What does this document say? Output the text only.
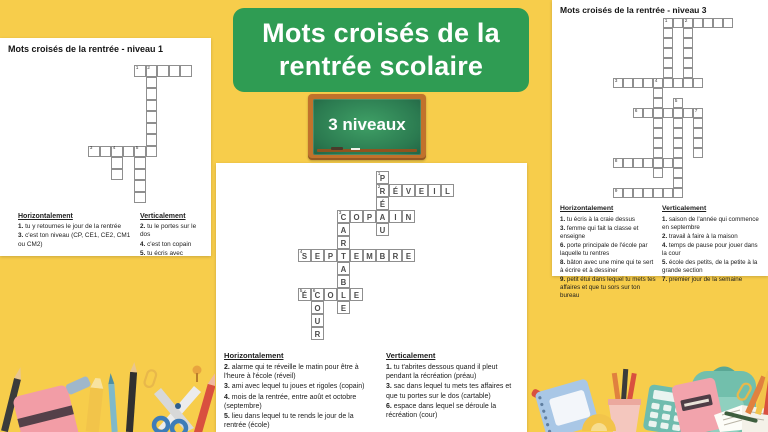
Mots croisés de la rentrée - niveau 1
1 2
3	4	5

Horizontalement

1. tu y retournes le jour de la rentrée

3. c'est ton niveau (CP, CE1, CE2, CM1 ou CM2)

Verticalement

2. tu le portes sur le dos

4. c'est ton copain

5. tu écris avec

1 P
2 R É V E	I	L
É
3 C O P A	I	N
A	U
R
4 S E P	T	E M B R E
A
B
5 É	6 C O L	E
O	E
U
R

Horizontalement

2. alarme qui te réveille le matin pour être à l'heure à l'école (réveil)

3. ami avec lequel tu joues et rigoles (copain)

4. mois de la rentrée, entre août et octobre (septembre)

5. lieu dans lequel tu te rends le jour de la rentrée (école)

Verticalement

1. tu t'abrites dessous quand il pleut pendant la récréation (préau)

3. sac dans lequel tu mets tes affaires et que tu portes sur le dos (cartable)

6. espace dans lequel se déroule la récréation (cour)

Mots croisés de la rentrée - niveau 3
1	2
3	4
5
6	7
8
9

Horizontalement

1. tu écris à la craie dessus

3. femme qui fait la classe et enseigne

6. porte principale de l'école par laquelle tu rentres

8. bâton avec une mine qui te sert à écrire et à dessiner

9. petit étui dans lequel tu mets tes affaires et que tu sors sur ton bureau

Verticalement

1. saison de l'année qui commence en septembre

2. travail à faire à la maison

4. temps de pause pour jouer dans la cour

5. école des petits, de la petite à la grande section

7. premier jour de la semaine

Mots croisés de la
rentrée scolaire
3 niveaux
